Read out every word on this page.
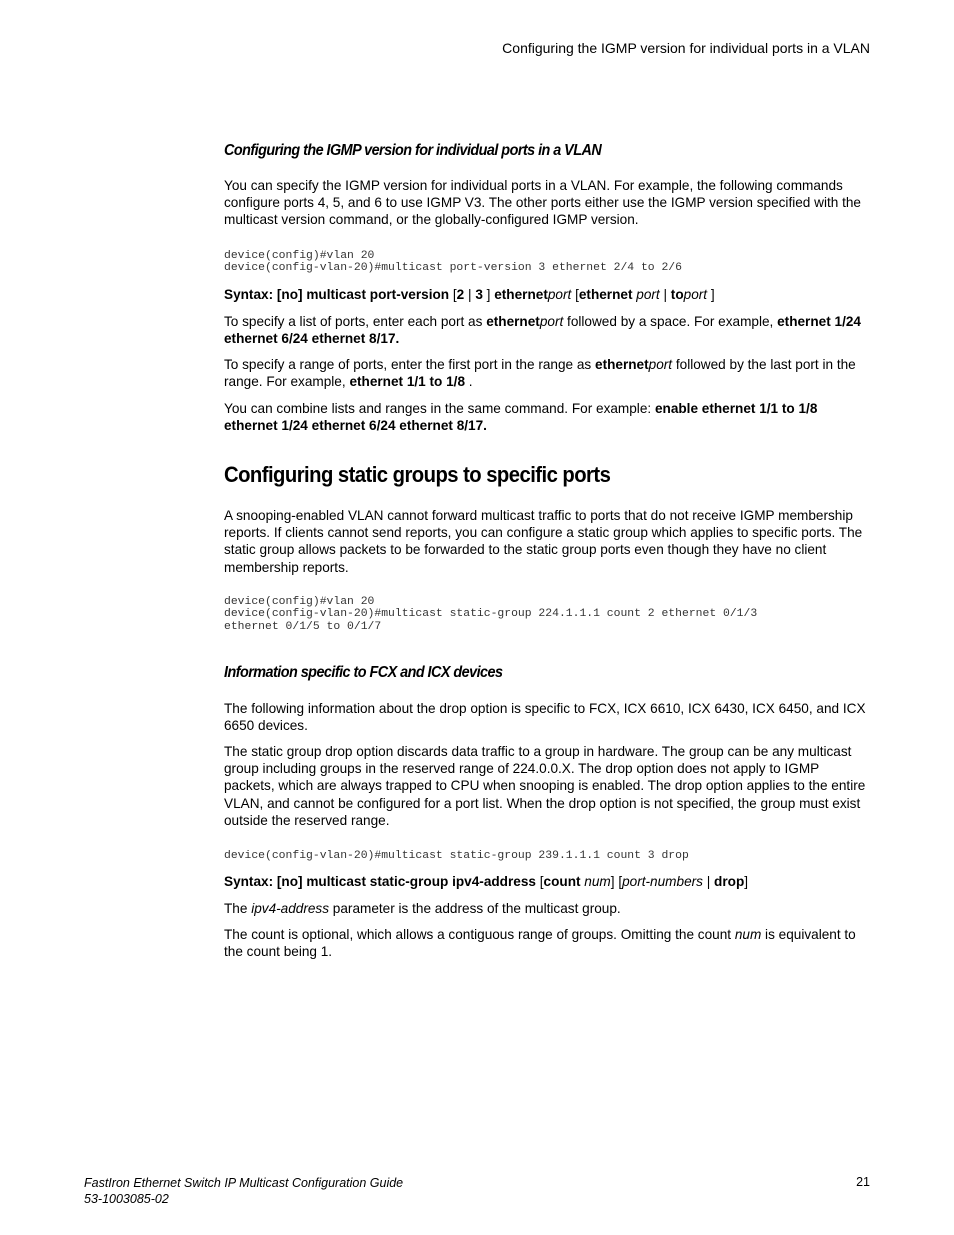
Configuring the IGMP version for individual ports in a VLAN
Configuring the IGMP version for individual ports in a VLAN

You can specify the IGMP version for individual ports in a VLAN. For example, the following commands configure ports 4, 5, and 6 to use IGMP V3. The other ports either use the IGMP version specified with the multicast version command, or the globally-configured IGMP version.

device(config)#vlan 20
device(config-vlan-20)#multicast port-version 3 ethernet 2/4 to 2/6

Syntax: [no] multicast port-version [2 | 3 ] ethernetport [ethernet port | toport ]

To specify a list of ports, enter each port as ethernetport followed by a space. For example, ethernet 1/24 ethernet 6/24 ethernet 8/17.

To specify a range of ports, enter the first port in the range as ethernetport followed by the last port in the range. For example, ethernet 1/1 to 1/8 .

You can combine lists and ranges in the same command. For example: enable ethernet 1/1 to 1/8 ethernet 1/24 ethernet 6/24 ethernet 8/17.

Configuring static groups to specific ports

A snooping-enabled VLAN cannot forward multicast traffic to ports that do not receive IGMP membership reports. If clients cannot send reports, you can configure a static group which applies to specific ports. The static group allows packets to be forwarded to the static group ports even though they have no client membership reports.

device(config)#vlan 20
device(config-vlan-20)#multicast static-group 224.1.1.1 count 2 ethernet 0/1/3
ethernet 0/1/5 to 0/1/7
Information specific to FCX and ICX devices

The following information about the drop option is specific to FCX, ICX 6610, ICX 6430, ICX 6450, and ICX 6650 devices.

The static group drop option discards data traffic to a group in hardware. The group can be any multicast group including groups in the reserved range of 224.0.0.X. The drop option does not apply to IGMP packets, which are always trapped to CPU when snooping is enabled. The drop option applies to the entire VLAN, and cannot be configured for a port list. When the drop option is not specified, the group must exist outside the reserved range.

device(config-vlan-20)#multicast static-group 239.1.1.1 count 3 drop

Syntax: [no] multicast static-group ipv4-address [count num] [port-numbers | drop]

The ipv4-address parameter is the address of the multicast group.

The count is optional, which allows a contiguous range of groups. Omitting the count num is equivalent to the count being 1.

FastIron Ethernet Switch IP Multicast Configuration Guide
53-1003085-02
21
